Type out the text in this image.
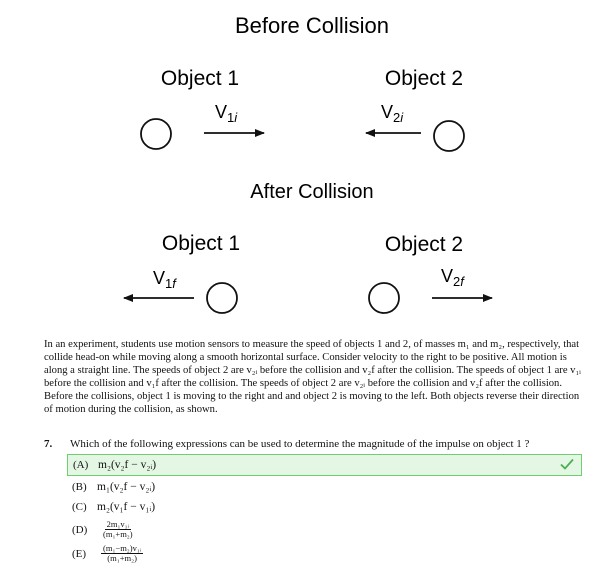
Before Collision
Object 1	Object 2
$V_{1i}$	$V_{2i}$
After Collision
Object 1	Object 2
$V_{1f}$	$V_{2f}$
In an experiment, students use motion sensors to measure the speed of objects 1 and 2, of masses m₁ and m₂, respectively, that collide head-on while moving along a smooth horizontal surface. Consider velocity to the right to be positive. All motion is along a straight line. The speeds of object 2 are v₂ᵢ before the collision and v₂f after the collision. The speeds of object 1 are v₁ᵢ before the collision and v₁f after the collision. The speeds of object 2 are v₂ᵢ before the collision and v₂f after the collision. Before the collisions, object 1 is moving to the right and and object 2 is moving to the left. Both objects reverse their direction of motion during the collision, as shown.
7. Which of the following expressions can be used to determine the magnitude of the impulse on object 1 ?
(A) m₂(v₂f − v₂ᵢ)
(B) m₁(v₂f − v₂ᵢ)
(C) m₂(v₁f − v₁ᵢ)
(D)	$\frac{\text{2m₁v₁ᵢ}}{\text{(m₁+m₂)}}$
(E)	$\frac{\text{(m₁−m₂)v₁ᵢ}}{\text{(m₁+m₂)}}$
